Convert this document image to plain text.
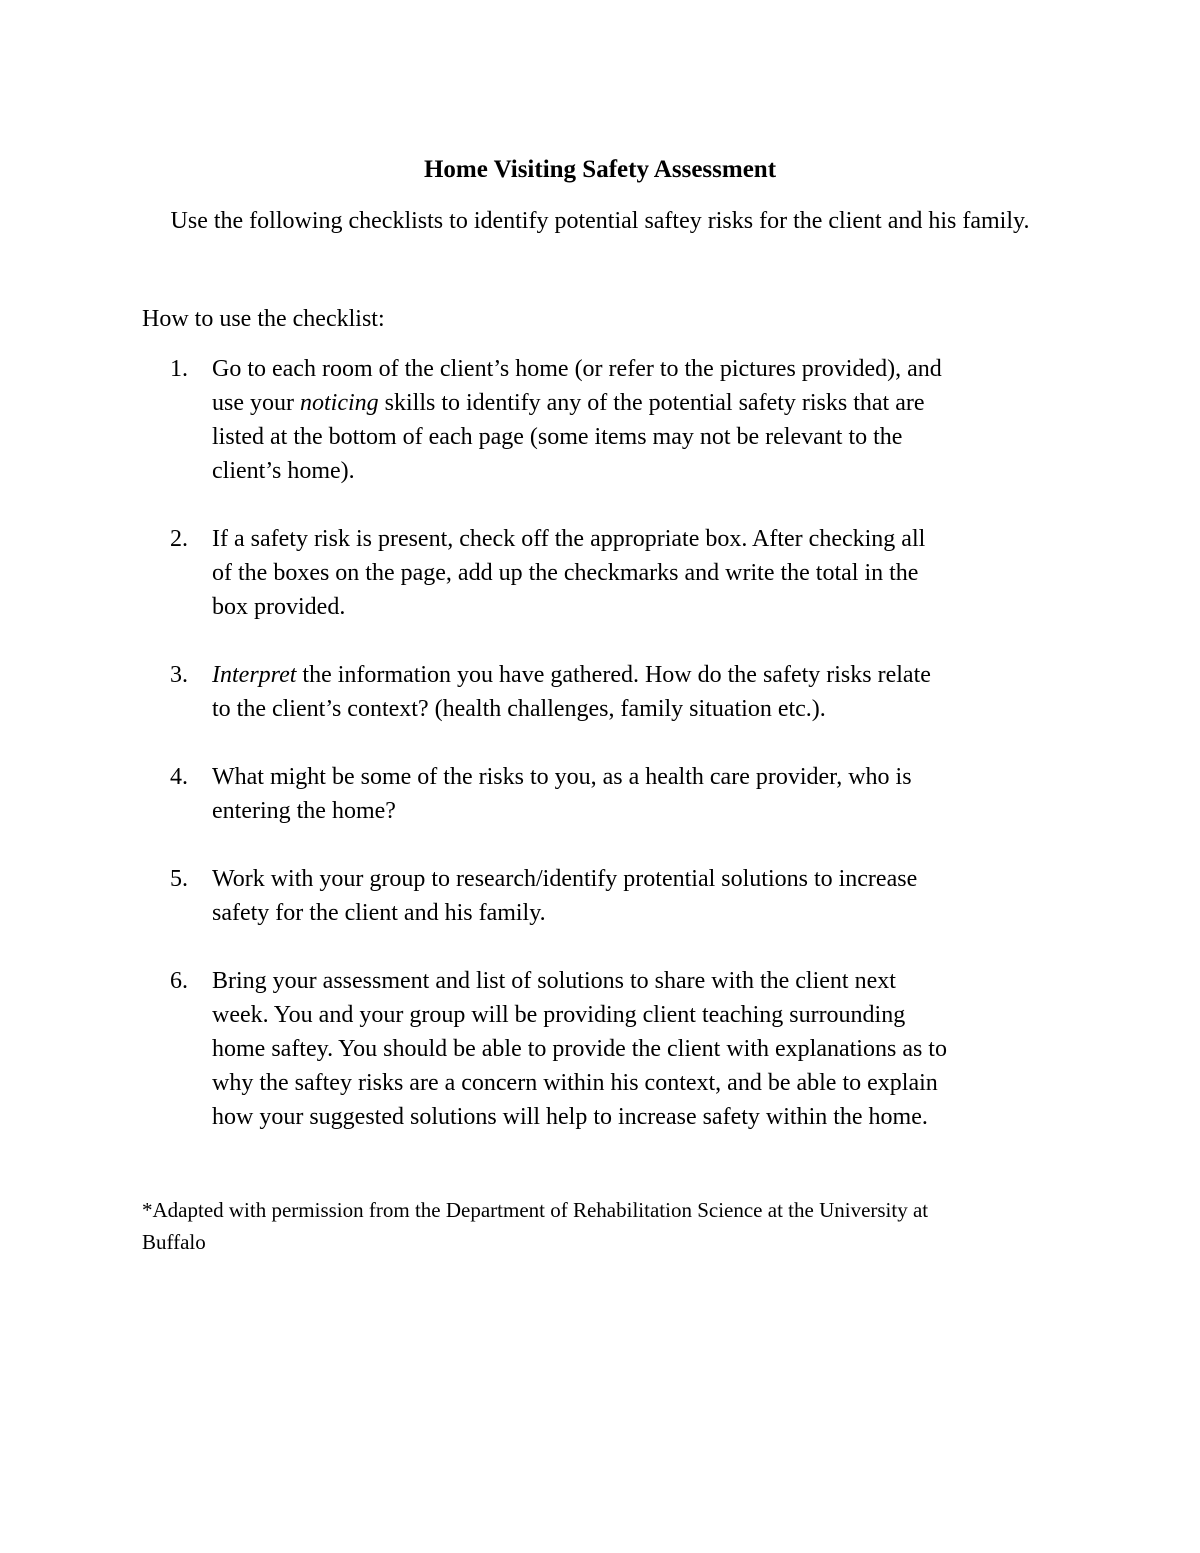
Home Visiting Safety Assessment
Use the following checklists to identify potential saftey risks for the client and his family.
How to use the checklist:
1.	Go to each room of the client’s home (or refer to the pictures provided), and
use your noticing skills to identify any of the potential safety risks that are
listed at the bottom of each page (some items may not be relevant to the
client’s home).
2.	If a safety risk is present, check off the appropriate box. After checking all
of the boxes on the page, add up the checkmarks and write the total in the
box provided.
3.	Interpret the information you have gathered. How do the safety risks relate
to the client’s context? (health challenges, family situation etc.).
4.	What might be some of the risks to you, as a health care provider, who is
entering the home?
5.	Work with your group to research/identify protential solutions to increase
safety for the client and his family.
6.	Bring your assessment and list of solutions to share with the client next
week. You and your group will be providing client teaching surrounding
home saftey. You should be able to provide the client with explanations as to
why the saftey risks are a concern within his context, and be able to explain
how your suggested solutions will help to increase safety within the home.
*Adapted with permission from the Department of Rehabilitation Science at the University at
Buffalo
